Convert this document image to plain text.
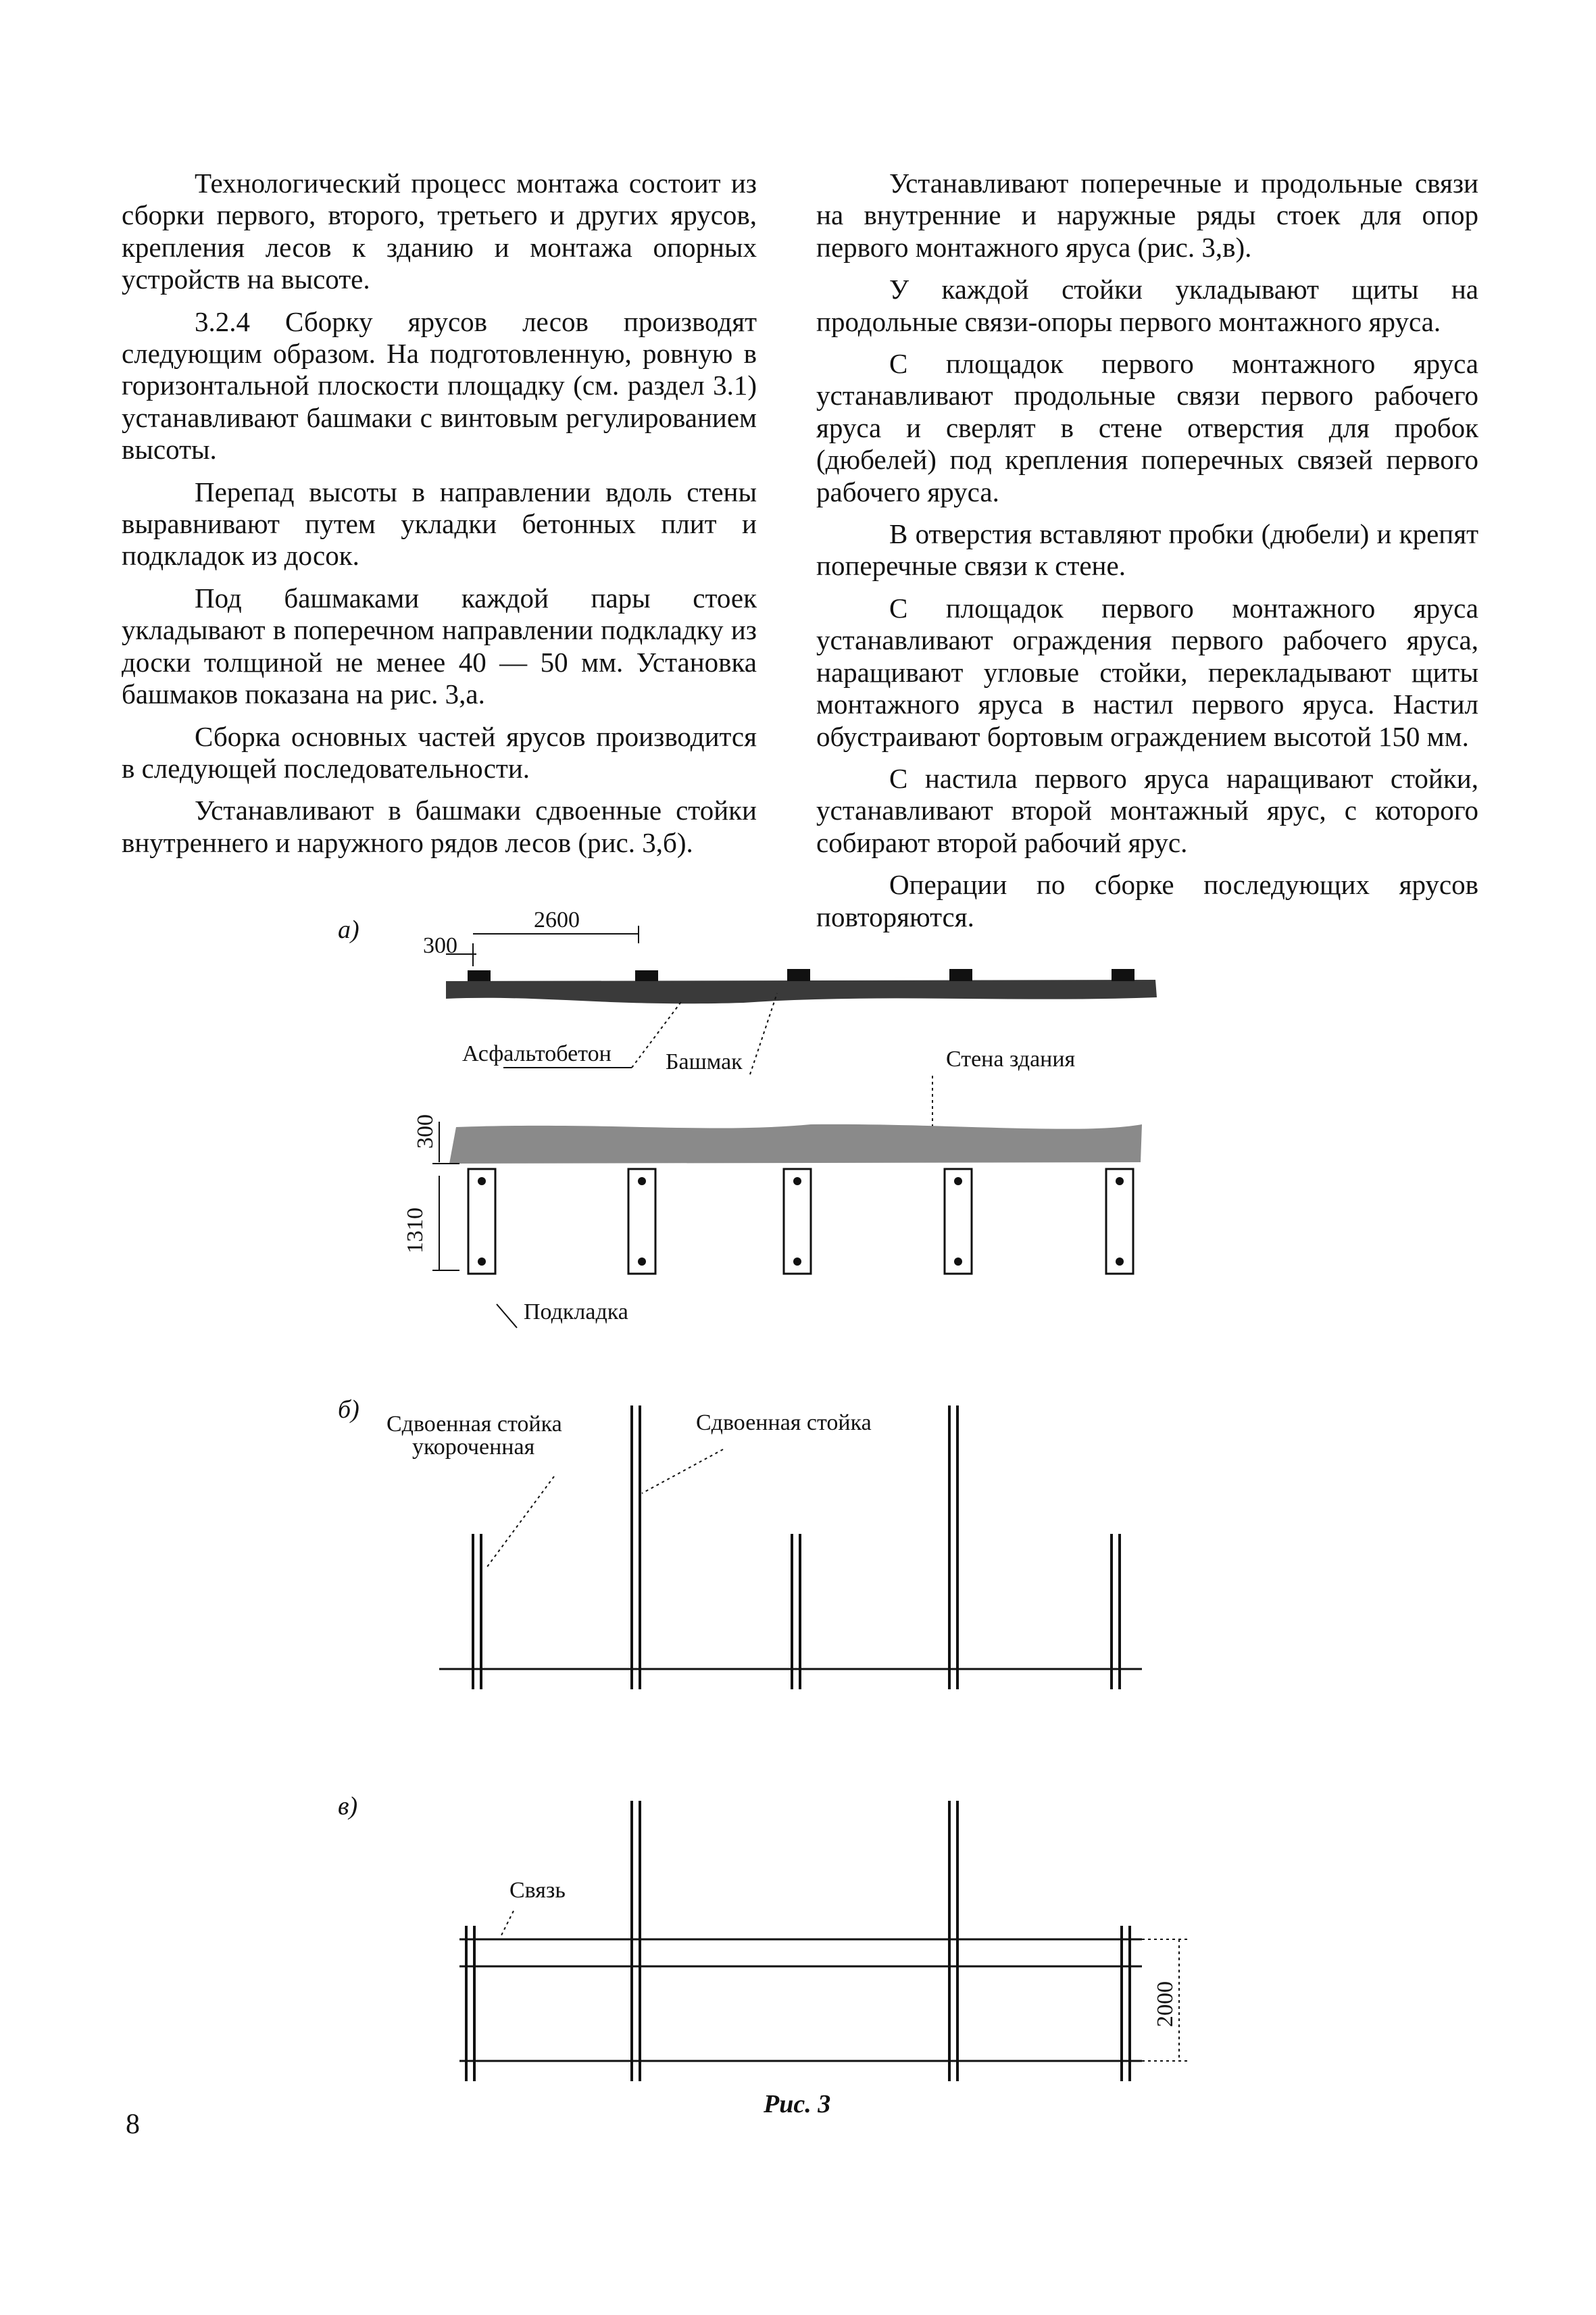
Технологический процесс монтажа состоит из сборки первого, второго, третьего и других ярусов, крепления лесов к зданию и монтажа опорных устройств на высоте.

3.2.4 Сборку ярусов лесов производят следующим образом. На подготовленную, ровную в горизонтальной плоскости площадку (см. раздел 3.1) устанавливают башмаки с винтовым регулированием высоты.

Перепад высоты в направлении вдоль стены выравнивают путем укладки бетонных плит и подкладок из досок.

Под башмаками каждой пары стоек укладывают в поперечном направлении подкладку из доски толщиной не менее 40 — 50 мм. Установка башмаков показана на рис. 3,а.

Сборка основных частей ярусов производится в следующей последовательности.

Устанавливают в башмаки сдвоенные стойки внутреннего и наружного рядов лесов (рис. 3,б).

Устанавливают поперечные и продольные связи на внутренние и наружные ряды стоек для опор первого монтажного яруса (рис. 3,в).

У каждой стойки укладывают щиты на продольные связи-опоры первого монтажного яруса.

С площадок первого монтажного яруса устанавливают продольные связи первого рабочего яруса и сверлят в стене отверстия для пробок (дюбелей) под крепления поперечных связей первого рабочего яруса.

В отверстия вставляют пробки (дюбели) и крепят поперечные связи к стене.

С площадок первого монтажного яруса устанавливают ограждения первого рабочего яруса, наращивают угловые стойки, перекладывают щиты монтажного яруса в настил первого яруса. Настил обустраивают бортовым ограждением высотой 150 мм.

С настила первого яруса наращивают стойки, устанавливают второй монтажный ярус, с которого собирают второй рабочий ярус.

Операции по сборке последующих ярусов повторяются.

а)
300
2600
Асфальтобетон Башмак	Стена здания
300
1310
Подкладка
б)
Сдвоенная стойка
укороченная
Сдвоенная стойка
в)
Связь
2000
Рис. 3
8
